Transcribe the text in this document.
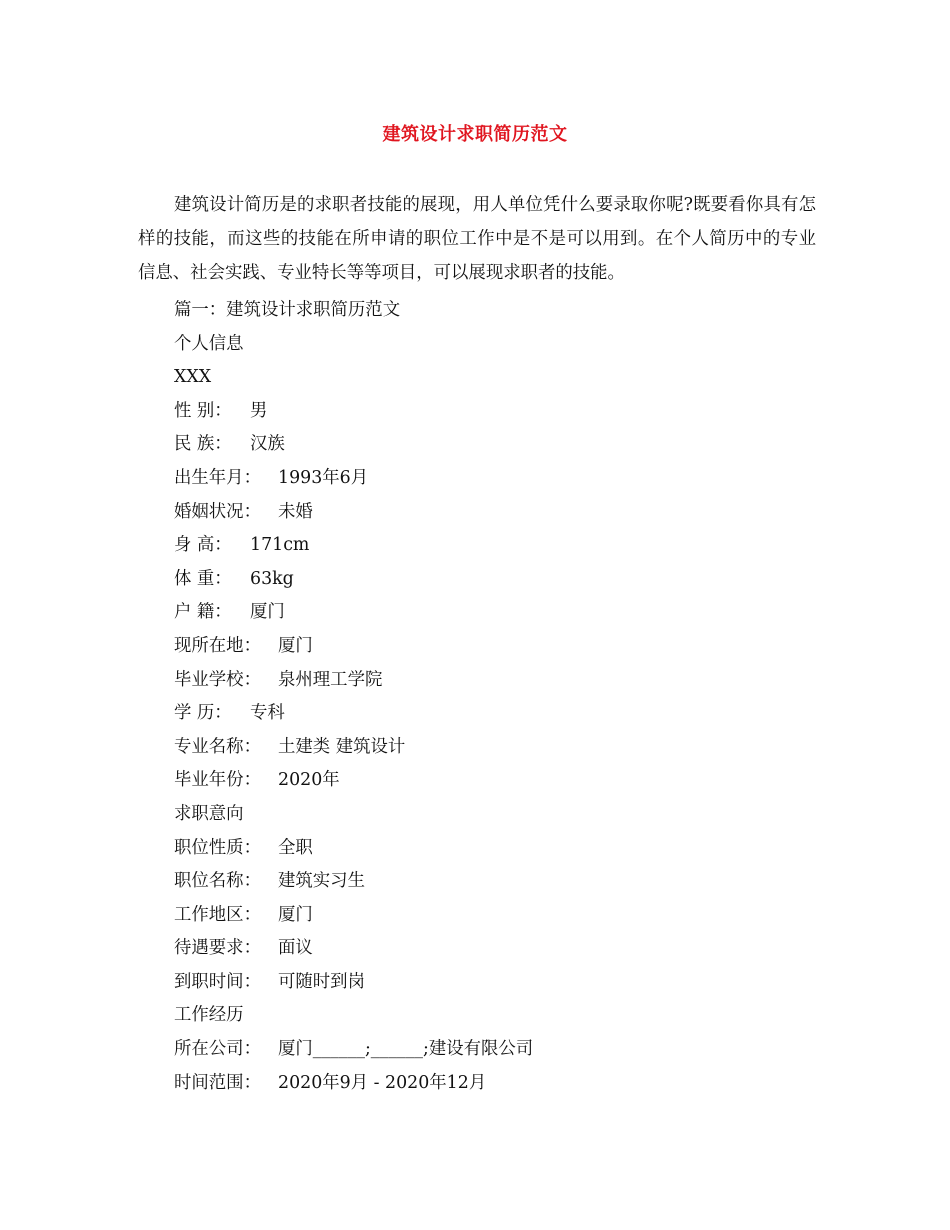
建筑设计求职简历范文

建筑设计简历是的求职者技能的展现，用人单位凭什么要录取你呢?既要看你具有怎样的技能，而这些的技能在所申请的职位工作中是不是可以用到。在个人简历中的专业信息、社会实践、专业特长等等项目，可以展现求职者的技能。

篇一：建筑设计求职简历范文
个人信息
XXX
性 别： 男
民 族： 汉族
出生年月： 1993年6月
婚姻状况： 未婚
身 高： 171cm
体 重： 63kg
户 籍： 厦门
现所在地： 厦门
毕业学校： 泉州理工学院
学 历： 专科
专业名称： 土建类 建筑设计
毕业年份： 2020年
求职意向
职位性质： 全职
职位名称： 建筑实习生
工作地区： 厦门
待遇要求： 面议
到职时间： 可随时到岗
工作经历
所在公司： 厦门______;______;建设有限公司
时间范围： 2020年9月 - 2020年12月
